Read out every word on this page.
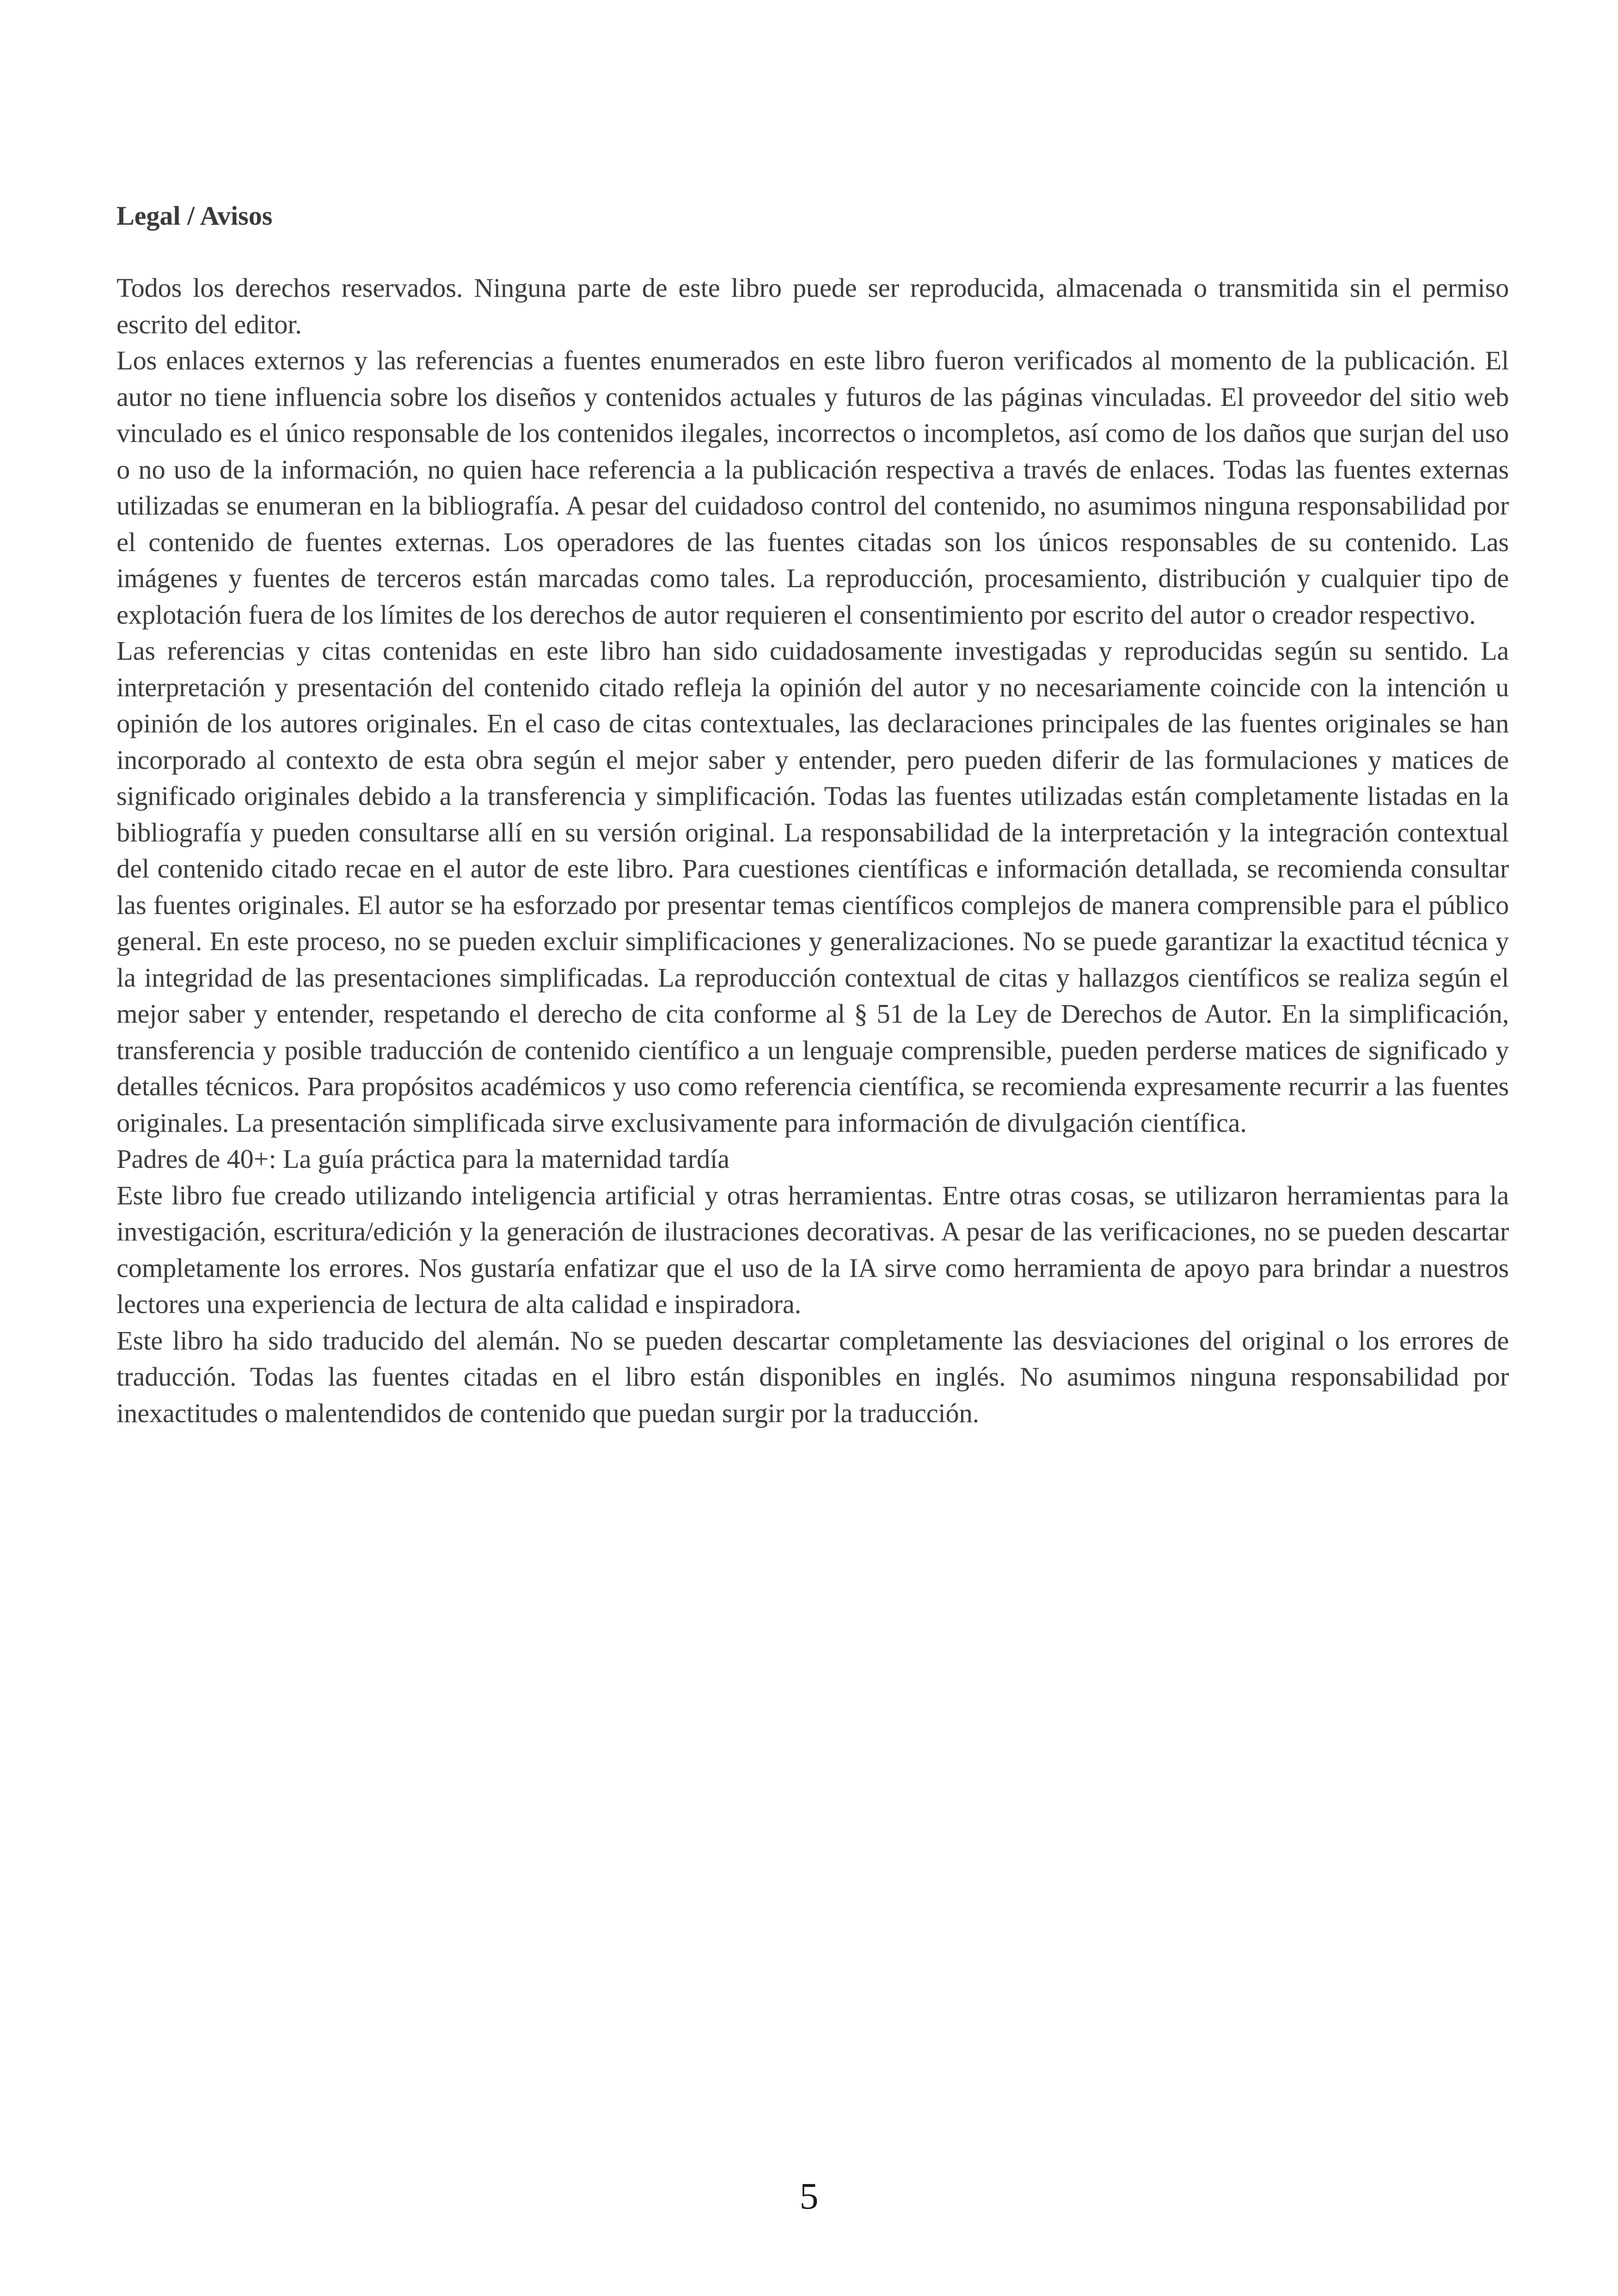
Legal / Avisos

Todos los derechos reservados. Ninguna parte de este libro puede ser reproducida, almacenada o transmitida sin el permiso escrito del editor.

Los enlaces externos y las referencias a fuentes enumerados en este libro fueron verificados al momento de la publicación. El autor no tiene influencia sobre los diseños y contenidos actuales y futuros de las páginas vinculadas. El proveedor del sitio web vinculado es el único responsable de los contenidos ilegales, incorrectos o incompletos, así como de los daños que surjan del uso o no uso de la información, no quien hace referencia a la publicación respectiva a través de enlaces. Todas las fuentes externas utilizadas se enumeran en la bibliografía. A pesar del cuidadoso control del contenido, no asumimos ninguna responsabilidad por el contenido de fuentes externas. Los operadores de las fuentes citadas son los únicos responsables de su contenido. Las imágenes y fuentes de terceros están marcadas como tales. La reproducción, procesamiento, distribución y cualquier tipo de explotación fuera de los límites de los derechos de autor requieren el consentimiento por escrito del autor o creador respectivo.

Las referencias y citas contenidas en este libro han sido cuidadosamente investigadas y reproducidas según su sentido. La interpretación y presentación del contenido citado refleja la opinión del autor y no necesariamente coincide con la intención u opinión de los autores originales. En el caso de citas contextuales, las declaraciones principales de las fuentes originales se han incorporado al contexto de esta obra según el mejor saber y entender, pero pueden diferir de las formulaciones y matices de significado originales debido a la transferencia y simplificación. Todas las fuentes utilizadas están completamente listadas en la bibliografía y pueden consultarse allí en su versión original. La responsabilidad de la interpretación y la integración contextual del contenido citado recae en el autor de este libro. Para cuestiones científicas e información detallada, se recomienda consultar las fuentes originales. El autor se ha esforzado por presentar temas científicos complejos de manera comprensible para el público general. En este proceso, no se pueden excluir simplificaciones y generalizaciones. No se puede garantizar la exactitud técnica y la integridad de las presentaciones simplificadas. La reproducción contextual de citas y hallazgos científicos se realiza según el mejor saber y entender, respetando el derecho de cita conforme al § 51 de la Ley de Derechos de Autor. En la simplificación, transferencia y posible traducción de contenido científico a un lenguaje comprensible, pueden perderse matices de significado y detalles técnicos. Para propósitos académicos y uso como referencia científica, se recomienda expresamente recurrir a las fuentes originales. La presentación simplificada sirve exclusivamente para información de divulgación científica.

Padres de 40+: La guía práctica para la maternidad tardía

Este libro fue creado utilizando inteligencia artificial y otras herramientas. Entre otras cosas, se utilizaron herramientas para la investigación, escritura/edición y la generación de ilustraciones decorativas. A pesar de las verificaciones, no se pueden descartar completamente los errores. Nos gustaría enfatizar que el uso de la IA sirve como herramienta de apoyo para brindar a nuestros lectores una experiencia de lectura de alta calidad e inspiradora.

Este libro ha sido traducido del alemán. No se pueden descartar completamente las desviaciones del original o los errores de traducción. Todas las fuentes citadas en el libro están disponibles en inglés. No asumimos ninguna responsabilidad por inexactitudes o malentendidos de contenido que puedan surgir por la traducción.

5
